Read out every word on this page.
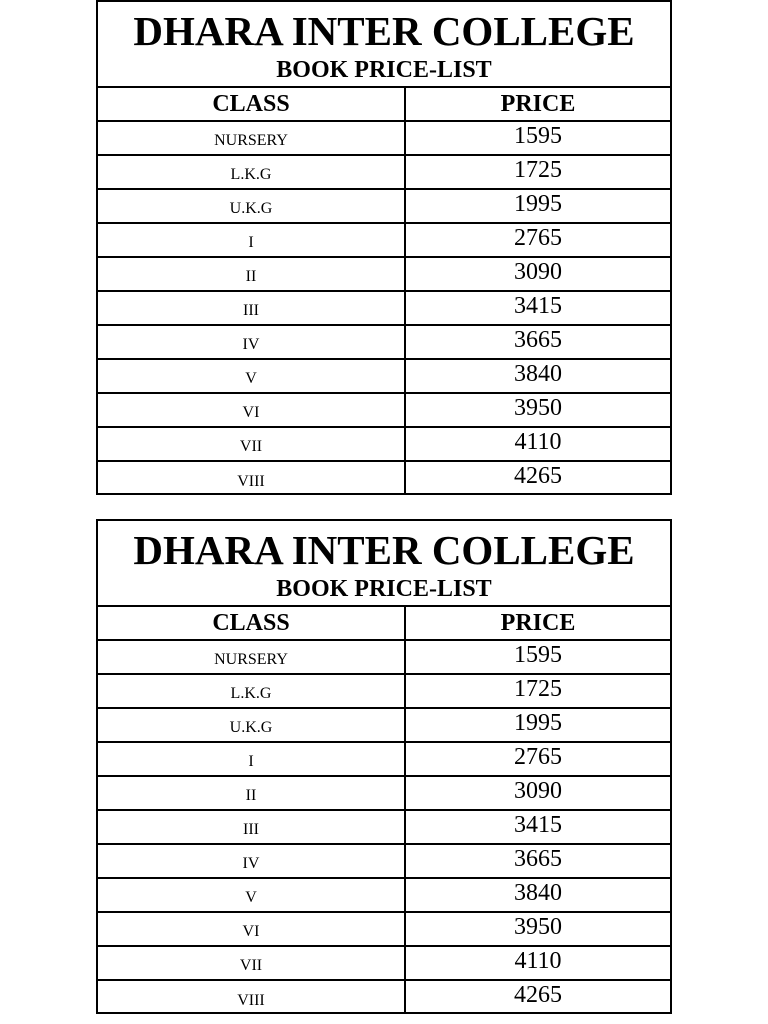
DHARA INTER COLLEGE
BOOK PRICE-LIST
CLASS	PRICE
NURSERY	1595
L.K.G	1725
U.K.G	1995
I	2765
II	3090
III	3415
IV	3665
V	3840
VI	3950
VII	4110
VIII	4265
DHARA INTER COLLEGE
BOOK PRICE-LIST
CLASS	PRICE
NURSERY	1595
L.K.G	1725
U.K.G	1995
I	2765
II	3090
III	3415
IV	3665
V	3840
VI	3950
VII	4110
VIII	4265
